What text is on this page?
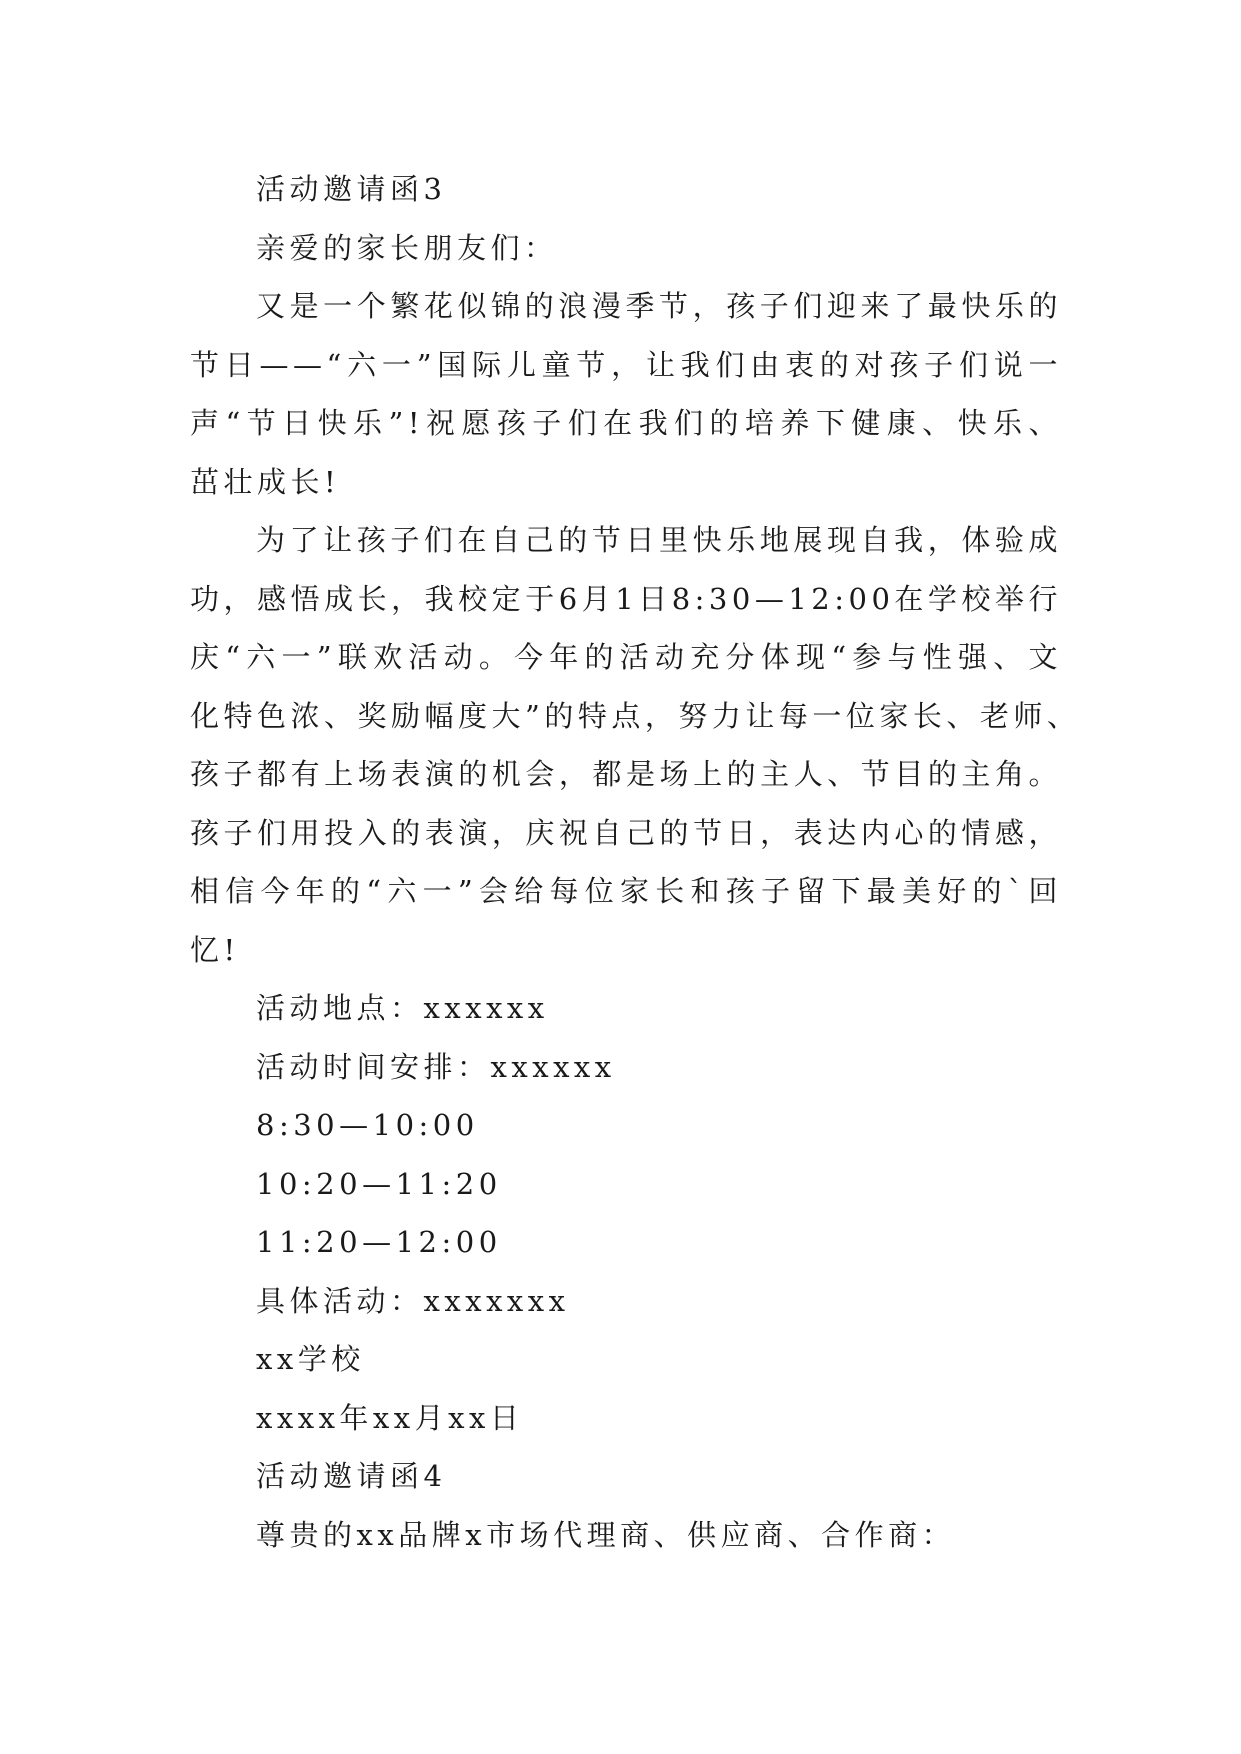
活动邀请函3

亲爱的家长朋友们：

又是一个繁花似锦的浪漫季节，孩子们迎来了最快乐的
节日——“六一”国际儿童节，让我们由衷的对孩子们说一
声“节日快乐”!祝愿孩子们在我们的培养下健康、快乐、
茁壮成长!
为了让孩子们在自己的节日里快乐地展现自我，体验成
功，感悟成长，我校定于6月1日8:30—12:00在学校举行
庆“六一”联欢活动。今年的活动充分体现“参与性强、文
化特色浓、奖励幅度大”的特点，努力让每一位家长、老师、
孩子都有上场表演的机会，都是场上的主人、节目的主角。
孩子们用投入的表演，庆祝自己的节日，表达内心的情感，
相信今年的“六一”会给每位家长和孩子留下最美好的`回
忆!

活动地点：xxxxxx

活动时间安排：xxxxxx

8:30—10:00

10:20—11:20

11:20—12:00

具体活动：xxxxxxx

xx学校

xxxx年xx月xx日

活动邀请函4

尊贵的xx品牌x市场代理商、供应商、合作商：
